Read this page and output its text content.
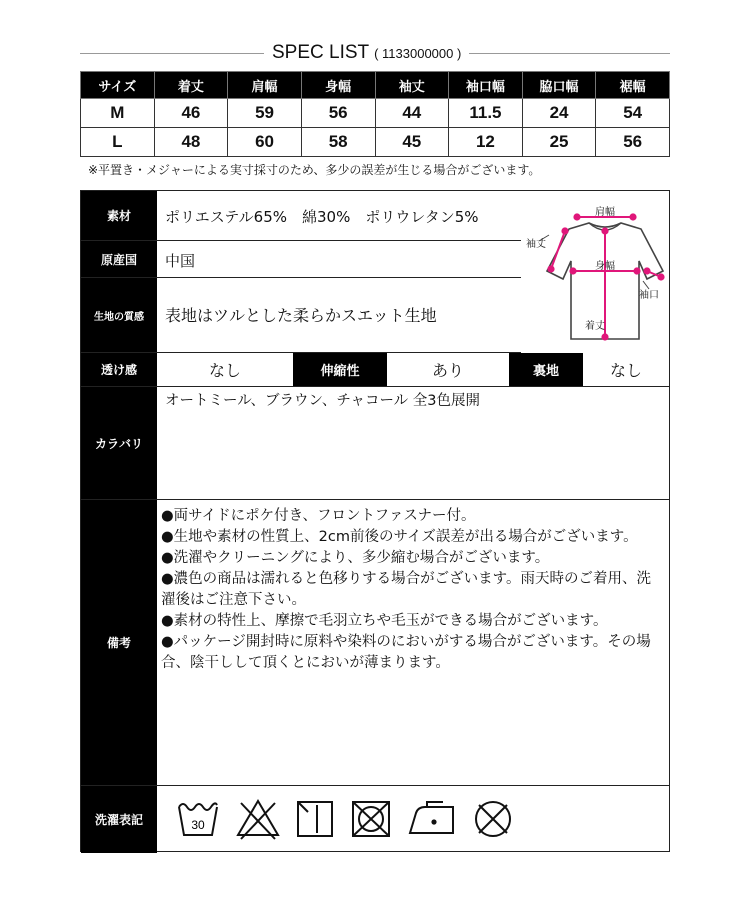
SPEC LIST ( 1133000000 )
サイズ	着丈	肩幅	身幅	袖丈	袖口幅	脇口幅	裾幅
M	46	59	56	44	11.5	24	54
L	48	60	58	45	12	25	56
※平置き・メジャーによる実寸採寸のため、多少の誤差が生じる場合がございます。
素材	ポリエステル65%　綿30%　ポリウレタン5%
原産国	中国
生地の質感	表地はツルとした柔らかスエット生地
肩幅
袖丈
身幅
袖口
着丈
透け感	なし	伸縮性	あり	裏地	なし
カラバリ
オートミール、ブラウン、チャコール 全3色展開
備考
●両サイドにポケ付き、フロントファスナー付。
●生地や素材の性質上、2cm前後のサイズ誤差が出る場合がございます。
●洗濯やクリーニングにより、多少縮む場合がございます。
●濃色の商品は濡れると色移りする場合がございます。雨天時のご着用、洗濯後はご注意下さい。
●素材の特性上、摩擦で毛羽立ちや毛玉ができる場合がございます。
●パッケージ開封時に原料や染料のにおいがする場合がございます。その場合、陰干しして頂くとにおいが薄まります。
洗濯表記	30
